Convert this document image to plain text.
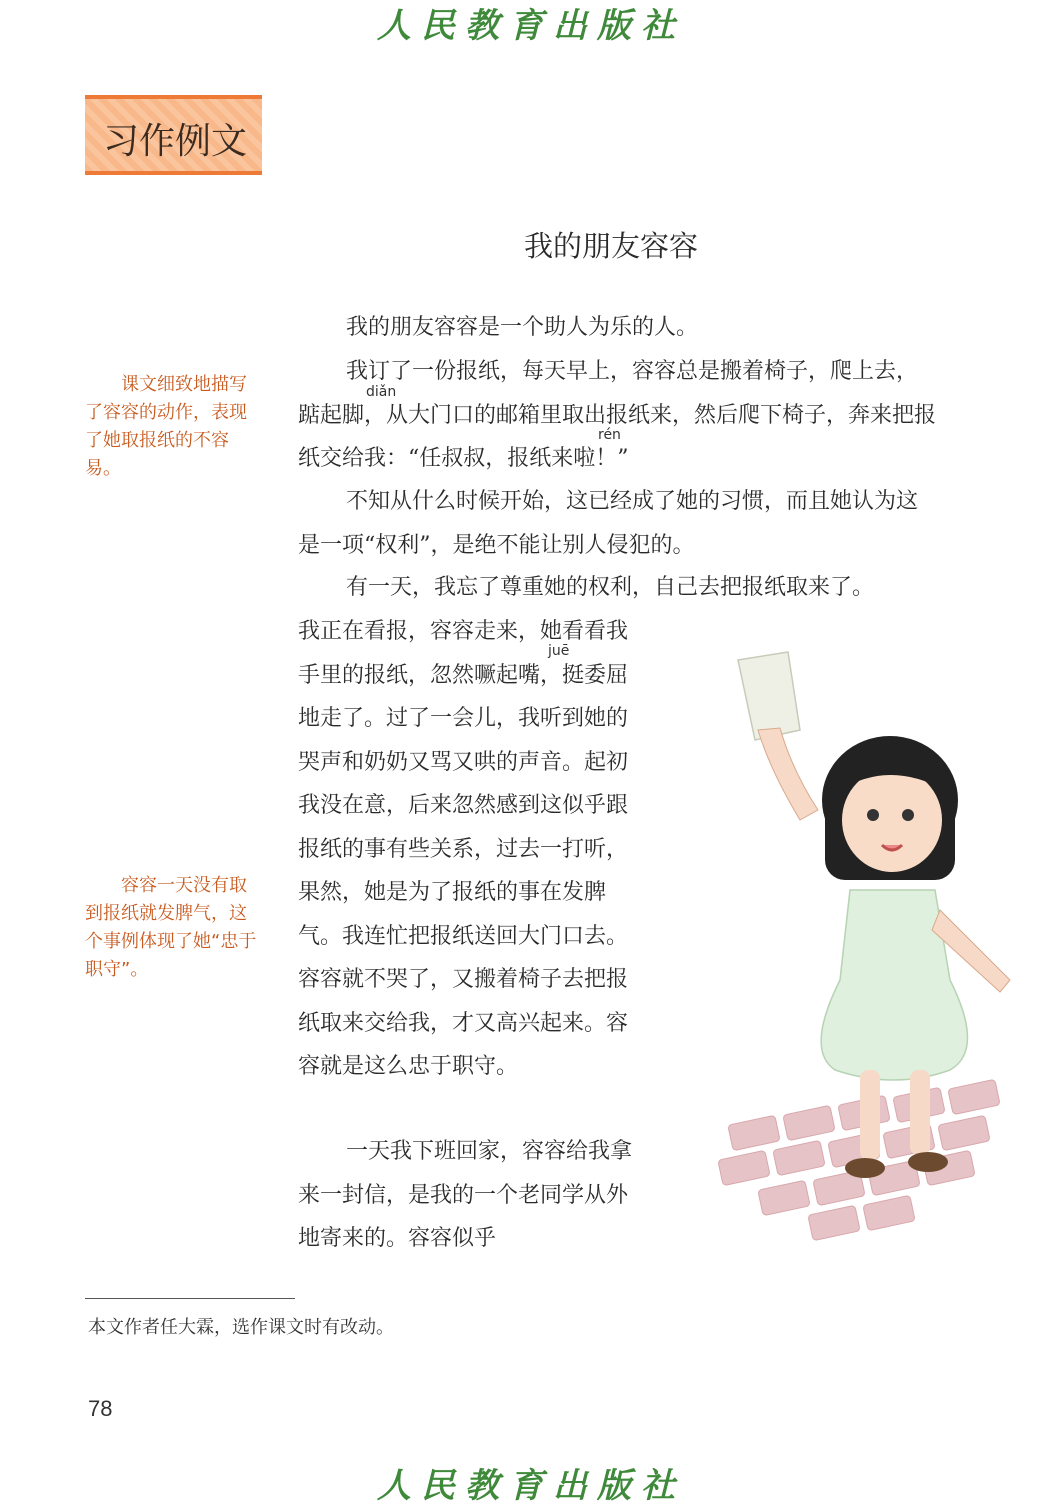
人民教育出版社
习作例文
我的朋友容容
课文细致地描写了容容的动作，表现了她取报纸的不容易。
容容一天没有取到报纸就发脾气，这个事例体现了她“忠于职守”。
diǎn
rén
juē
我的朋友容容是一个助人为乐的人。
我订了一份报纸，每天早上，容容总是搬着椅子，爬上去，踮起脚，从大门口的邮箱里取出报纸来，然后爬下椅子，奔来把报纸交给我：“任叔叔，报纸来啦！”
不知从什么时候开始，这已经成了她的习惯，而且她认为这是一项“权利”，是绝不能让别人侵犯的。
有一天，我忘了尊重她的权利，自己去把报纸取来了。
我正在看报，容容走来，她看看我手里的报纸，忽然噘起嘴，挺委屈地走了。过了一会儿，我听到她的哭声和奶奶又骂又哄的声音。起初我没在意，后来忽然感到这似乎跟报纸的事有些关系，过去一打听，果然，她是为了报纸的事在发脾气。我连忙把报纸送回大门口去。容容就不哭了，又搬着椅子去把报纸取来交给我，才又高兴起来。容容就是这么忠于职守。
一天我下班回家，容容给我拿来一封信，是我的一个老同学从外地寄来的。容容似乎
本文作者任大霖，选作课文时有改动。
78
人民教育出版社
